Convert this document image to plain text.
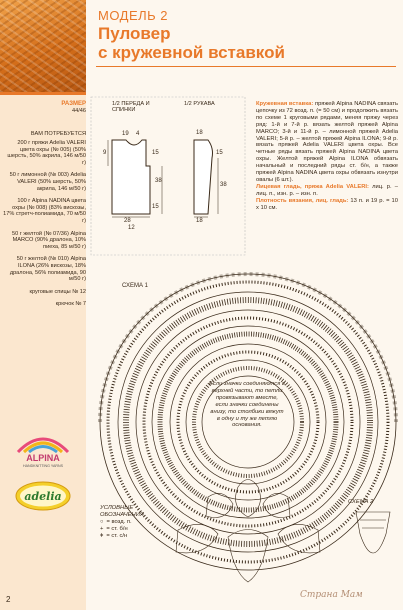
РАЗМЕР
44/46
ВАМ ПОТРЕБУЕТСЯ
200 г пряжи Adelia VALERI цвета охры (№ 005) (50% шерсть, 50% акрила, 146 м/50 г)
50 г лимонной (№ 003) Adelia VALERI (50% шерсть, 50% акрила, 146 м/50 г)
100 г Alpina NADINA цвета охры (№ 008) (83% вискозы, 17% стретч-полиамида, 70 м/50 г)
50 г желтой (№ 07/36) Alpina MARCO (90% дралона, 10% пиеха, 85 м/50 г)
50 г желтой (№ 010) Alpina ILONA (26% вискозы, 18% дралона, 56% полиамида, 90 м/50 г)
круговые спицы № 12
крючок № 7
ALPINA
HANDKNITTING YARNS
adelia
2
МОДЕЛЬ 2
Пуловер
с кружевной вставкой
19 4
9	15
38
15
28
12
18
15
38
18
1/2 ПЕРЕДА И СПИНКИ
1/2 РУКАВА	Кружевная вставка: пряжей Alpina NADINA связать цепочку из 72 возд. п. (= 50 см) и продолжить вязать по схеме 1 круговыми рядами, меняя пряжу через ряд: 1-й и 7-й р. вязать желтой пряжей Alpina MARCO; 3-й и 11-й р. – лимонной пряжей Adelia VALERI; 5-й р. – желтой пряжей Alpina ILONA; 9-й р. вязать пряжей Adelia VALERI цвета охры. Все четные ряды вязать пряжей Alpina NADINA цвета охры. Желтой пряжей Alpina ILONA обвязать начальный и последний ряды ст. б/н, а также пряжей Alpina NADINA цвета охры обвязать изнутри овалы (6 шт.).
Лицевая гладь, пряжа Adelia VALERI: лиц. р. – лиц. п., изн. р. – изн. п.
Плотность вязания, лиц. гладь: 13 п. и 19 р. = 10 х 10 см.
СХЕМА 1
Если значки соединяются в верхней части, то петли провязывают вместе, если значки соединены внизу, то столбики вяжут в одну и ту же петлю основания.
УСЛОВНЫЕ ОБОЗНАЧЕНИЯ
○ = возд. п.
+ = ст. б/н
ǂ = ст. с/н
СХЕМА 2
Страна Мам
